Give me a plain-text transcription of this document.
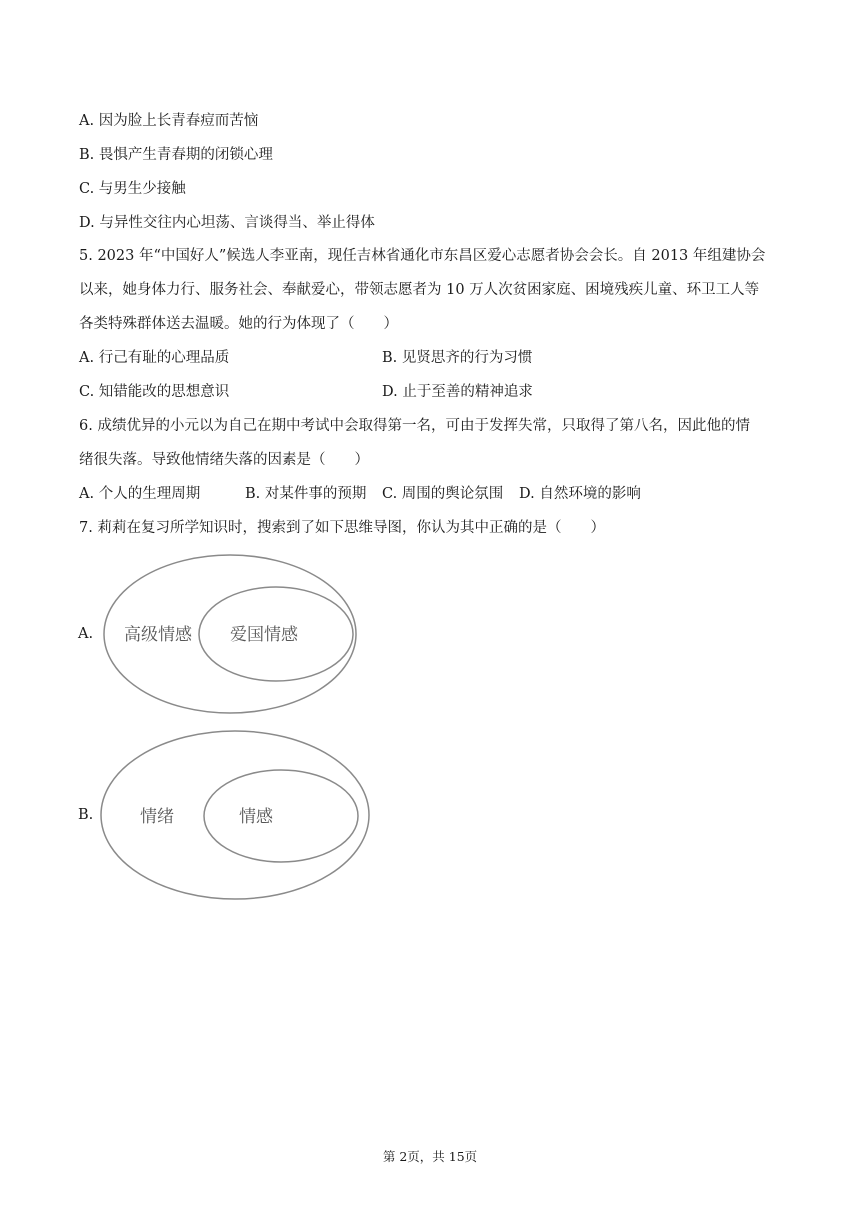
A. 因为脸上长青春痘而苦恼
B. 畏惧产生青春期的闭锁心理
C. 与男生少接触
D. 与异性交往内心坦荡、言谈得当、举止得体
5. 2023 年“中国好人”候选人李亚南，现任吉林省通化市东昌区爱心志愿者协会会长。自 2013 年组建协会
以来，她身体力行、服务社会、奉献爱心，带领志愿者为 10 万人次贫困家庭、困境残疾儿童、环卫工人等
各类特殊群体送去温暖。她的行为体现了（　　）
A. 行己有耻的心理品质	B. 见贤思齐的行为习惯
C. 知错能改的思想意识	D. 止于至善的精神追求
6. 成绩优异的小元以为自己在期中考试中会取得第一名，可由于发挥失常，只取得了第八名，因此他的情
绪很失落。导致他情绪失落的因素是（　　）
A. 个人的生理周期	B. 对某件事的预期 C. 周围的舆论氛围 D. 自然环境的影响
7. 莉莉在复习所学知识时，搜索到了如下思维导图，你认为其中正确的是（　　）
A. 高级情感 爱国情感
B.	情绪	情感
第 2页，共 15页
